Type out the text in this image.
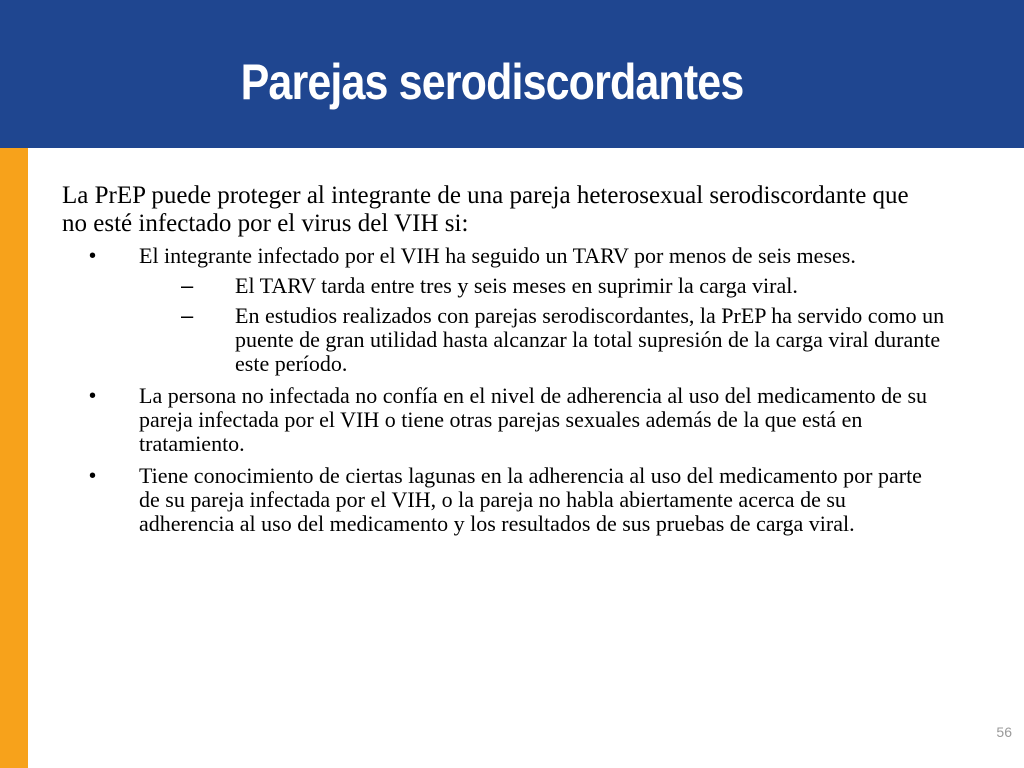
Parejas serodiscordantes

La PrEP puede proteger al integrante de una pareja heterosexual serodiscordante que no esté infectado por el virus del VIH si:

• El integrante infectado por el VIH ha seguido un TARV por menos de seis meses.
– El TARV tarda entre tres y seis meses en suprimir la carga viral.
– En estudios realizados con parejas serodiscordantes, la PrEP ha servido como un puente de gran utilidad hasta alcanzar la total supresión de la carga viral durante este período.
• La persona no infectada no confía en el nivel de adherencia al uso del medicamento de su pareja infectada por el VIH o tiene otras parejas sexuales además de la que está en tratamiento.
• Tiene conocimiento de ciertas lagunas en la adherencia al uso del medicamento por parte de su pareja infectada por el VIH, o la pareja no habla abiertamente acerca de su adherencia al uso del medicamento y los resultados de sus pruebas de carga viral.
56
